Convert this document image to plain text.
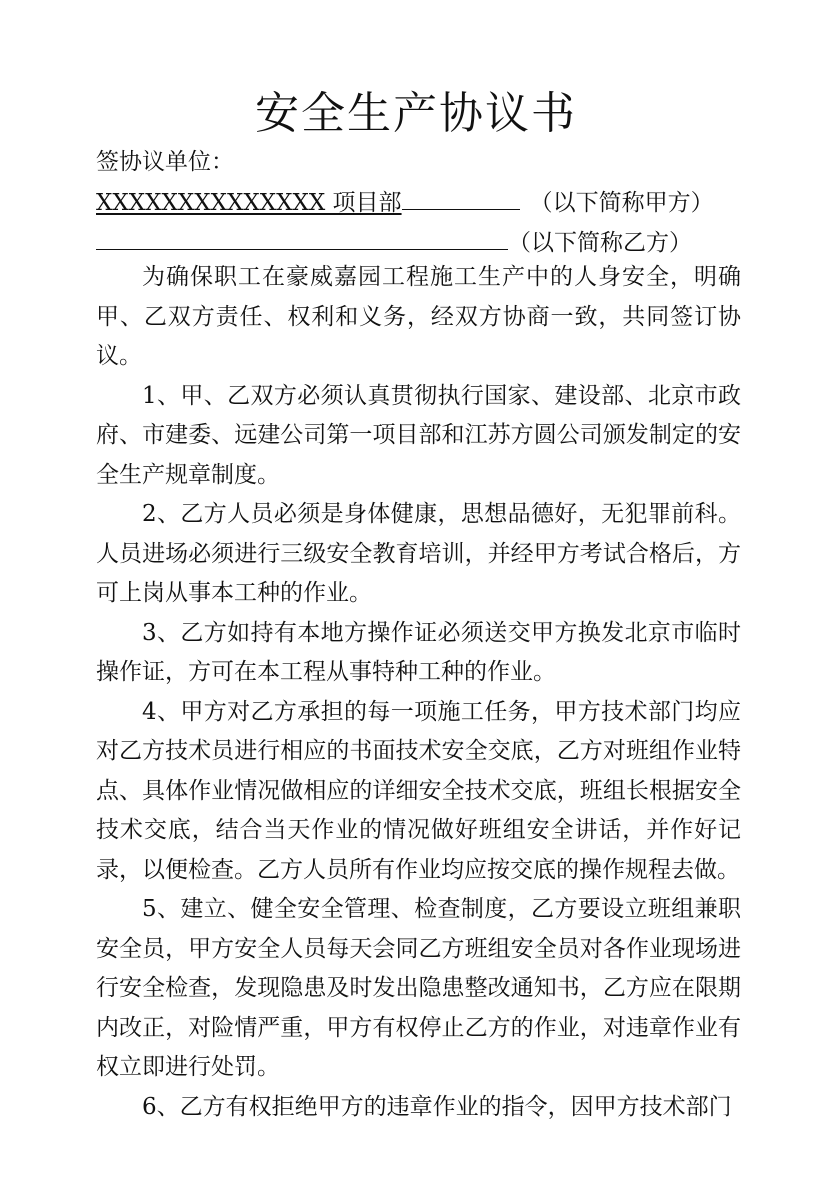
安全生产协议书
签协议单位：
XXXXXXXXXXXXXX 项目部	（以下简称甲方）
（以下简称乙方）

为确保职工在豪威嘉园工程施工生产中的人身安全，明确甲、乙双方责任、权利和义务，经双方协商一致，共同签订协议。

1、甲、乙双方必须认真贯彻执行国家、建设部、北京市政府、市建委、远建公司第一项目部和江苏方圆公司颁发制定的安全生产规章制度。

2、乙方人员必须是身体健康，思想品德好，无犯罪前科。人员进场必须进行三级安全教育培训，并经甲方考试合格后，方可上岗从事本工种的作业。

3、乙方如持有本地方操作证必须送交甲方换发北京市临时操作证，方可在本工程从事特种工种的作业。

4、甲方对乙方承担的每一项施工任务，甲方技术部门均应对乙方技术员进行相应的书面技术安全交底，乙方对班组作业特点、具体作业情况做相应的详细安全技术交底，班组长根据安全技术交底，结合当天作业的情况做好班组安全讲话，并作好记录，以便检查。乙方人员所有作业均应按交底的操作规程去做。

5、建立、健全安全管理、检查制度，乙方要设立班组兼职安全员，甲方安全人员每天会同乙方班组安全员对各作业现场进行安全检查，发现隐患及时发出隐患整改通知书，乙方应在限期内改正，对险情严重，甲方有权停止乙方的作业，对违章作业有权立即进行处罚。

6、乙方有权拒绝甲方的违章作业的指令，因甲方技术部门
